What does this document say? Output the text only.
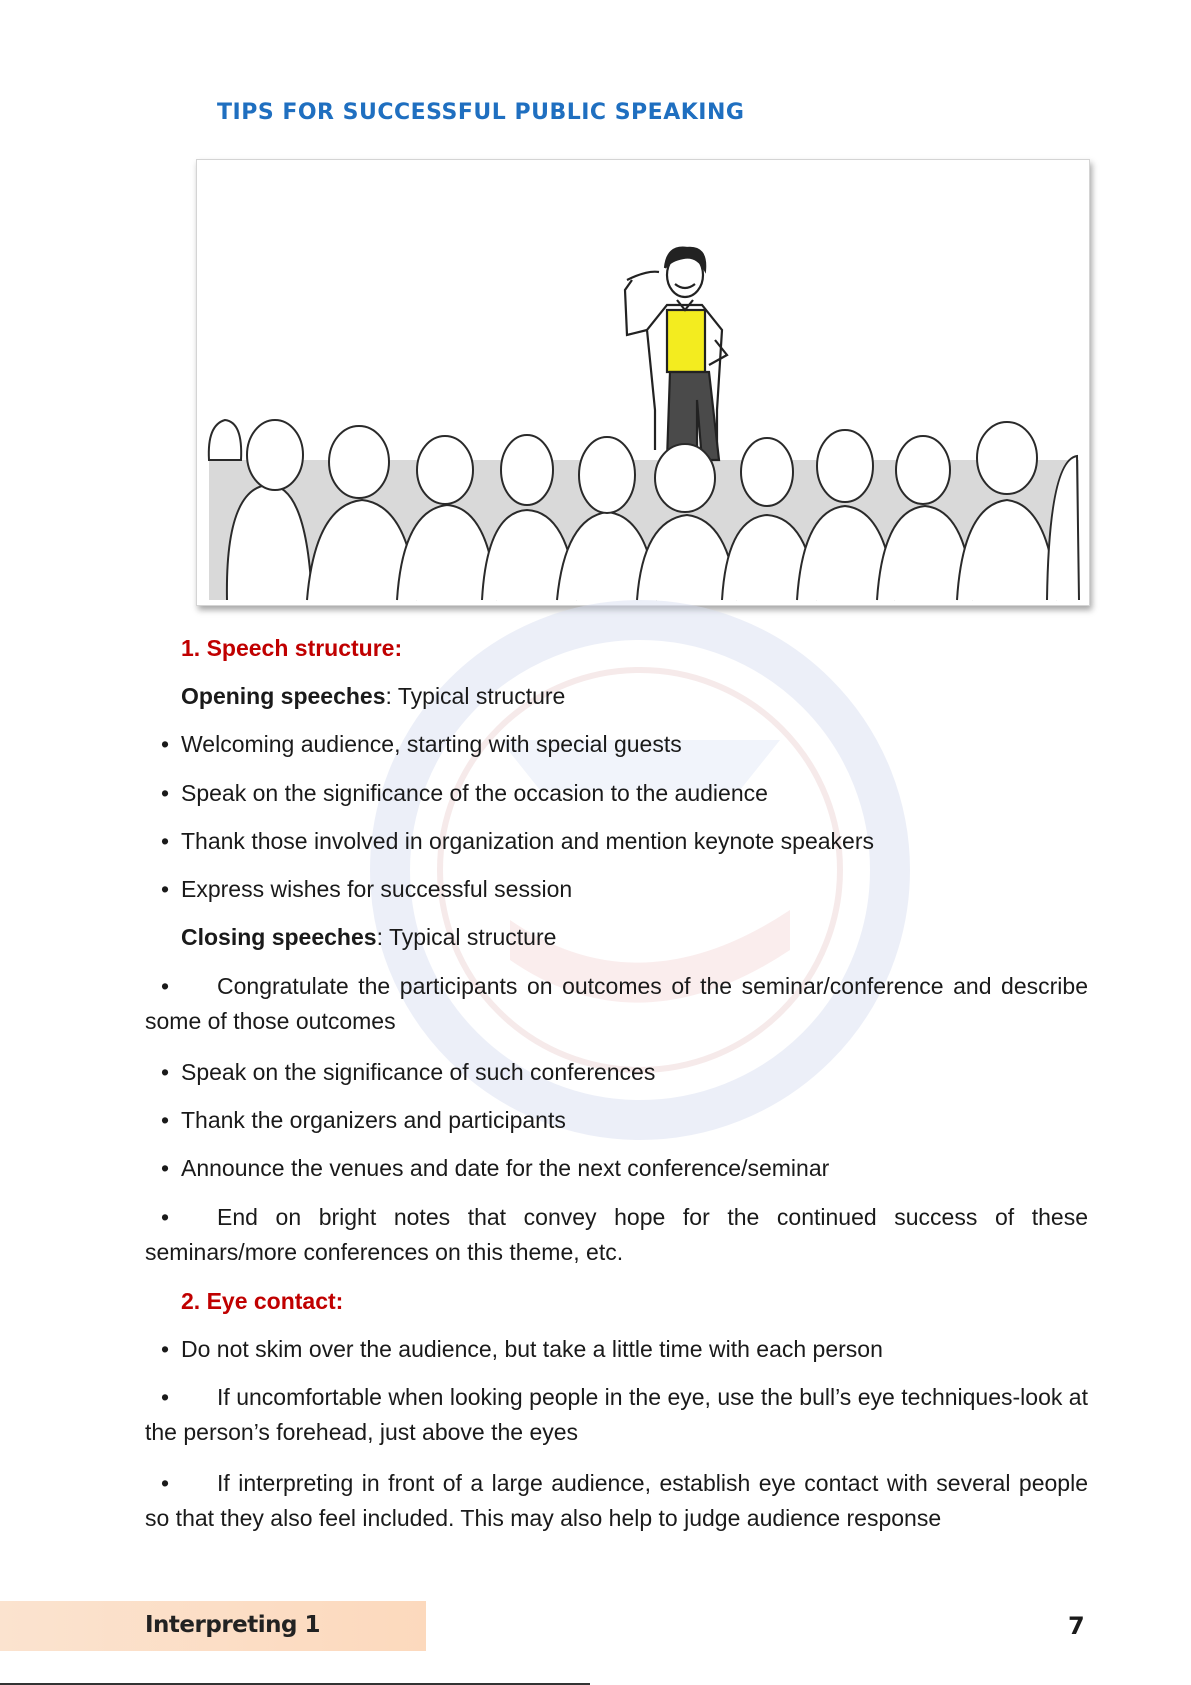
TIPS FOR SUCCESSFUL PUBLIC SPEAKING
1. Speech structure:
Opening speeches: Typical structure
• Welcoming audience, starting with special guests
• Speak on the significance of the occasion to the audience
• Thank those involved in organization and mention keynote speakers
• Express wishes for successful session
Closing speeches: Typical structure
• Congratulate the participants on outcomes of the seminar/conference and describe some of those outcomes
• Speak on the significance of such conferences
• Thank the organizers and participants
• Announce the venues and date for the next conference/seminar
• End on bright notes that convey hope for the continued success of these seminars/more conferences on this theme, etc.
2. Eye contact:
• Do not skim over the audience, but take a little time with each person
• If uncomfortable when looking people in the eye, use the bull’s eye techniques-look at the person’s forehead, just above the eyes
• If interpreting in front of a large audience, establish eye contact with several people so that they also feel included. This may also help to judge audience response
Interpreting 1	7
